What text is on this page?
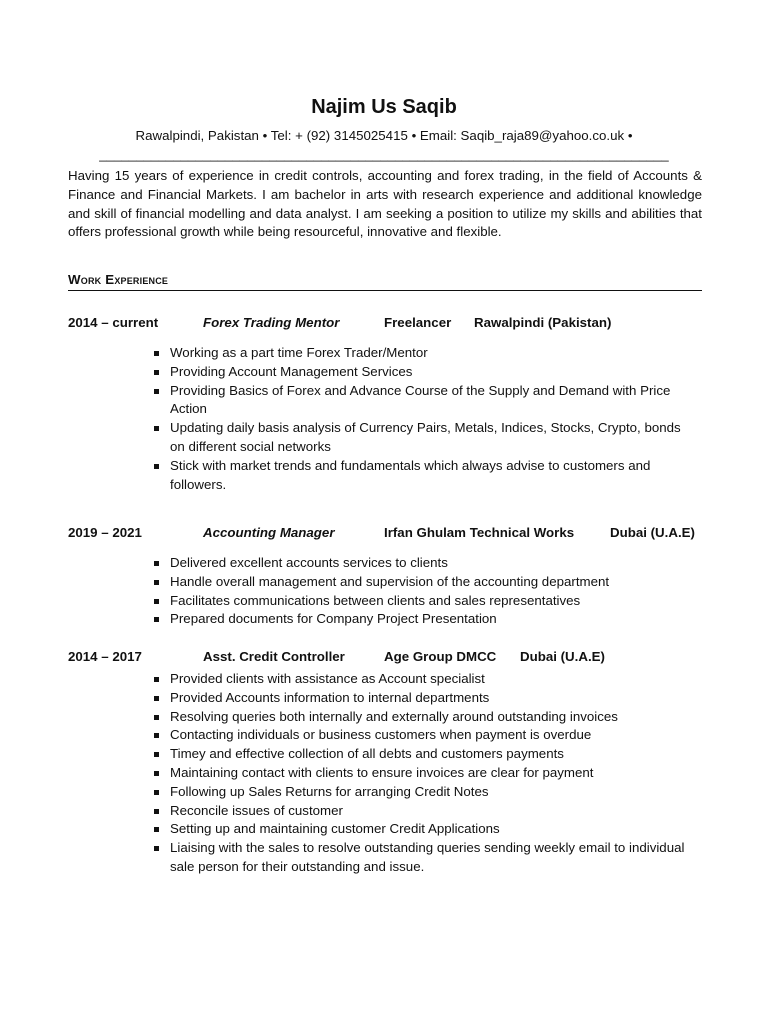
Najim Us Saqib
Rawalpindi, Pakistan • Tel: + (92) 3145025415 • Email: Saqib_raja89@yahoo.co.uk •
_____________________________________________________________________________
Having 15 years of experience in credit controls, accounting and forex trading, in the field of Accounts & Finance and Financial Markets. I am bachelor in arts with research experience and additional knowledge and skill of financial modelling and data analyst. I am seeking a position to utilize my skills and abilities that offers professional growth while being resourceful, innovative and flexible.
Work Experience
2014 – current	Forex Trading Mentor	Freelancer Rawalpindi (Pakistan)
Working as a part time Forex Trader/Mentor
Providing Account Management Services
Providing Basics of Forex and Advance Course of the Supply and Demand with Price Action
Updating daily basis analysis of Currency Pairs, Metals, Indices, Stocks, Crypto, bonds on different social networks
Stick with market trends and fundamentals which always advise to customers and followers.
2019 – 2021	Accounting Manager	Irfan Ghulam Technical Works	Dubai (U.A.E)
Delivered excellent accounts services to clients
Handle overall management and supervision of the accounting department
Facilitates communications between clients and sales representatives
Prepared documents for Company Project Presentation
2014 – 2017	Asst. Credit Controller	Age Group DMCC Dubai (U.A.E)
Provided clients with assistance as Account specialist
Provided Accounts information to internal departments
Resolving queries both internally and externally around outstanding invoices
Contacting individuals or business customers when payment is overdue
Timey and effective collection of all debts and customers payments
Maintaining contact with clients to ensure invoices are clear for payment
Following up Sales Returns for arranging Credit Notes
Reconcile issues of customer
Setting up and maintaining customer Credit Applications
Liaising with the sales to resolve outstanding queries sending weekly email to individual sale person for their outstanding and issue.
